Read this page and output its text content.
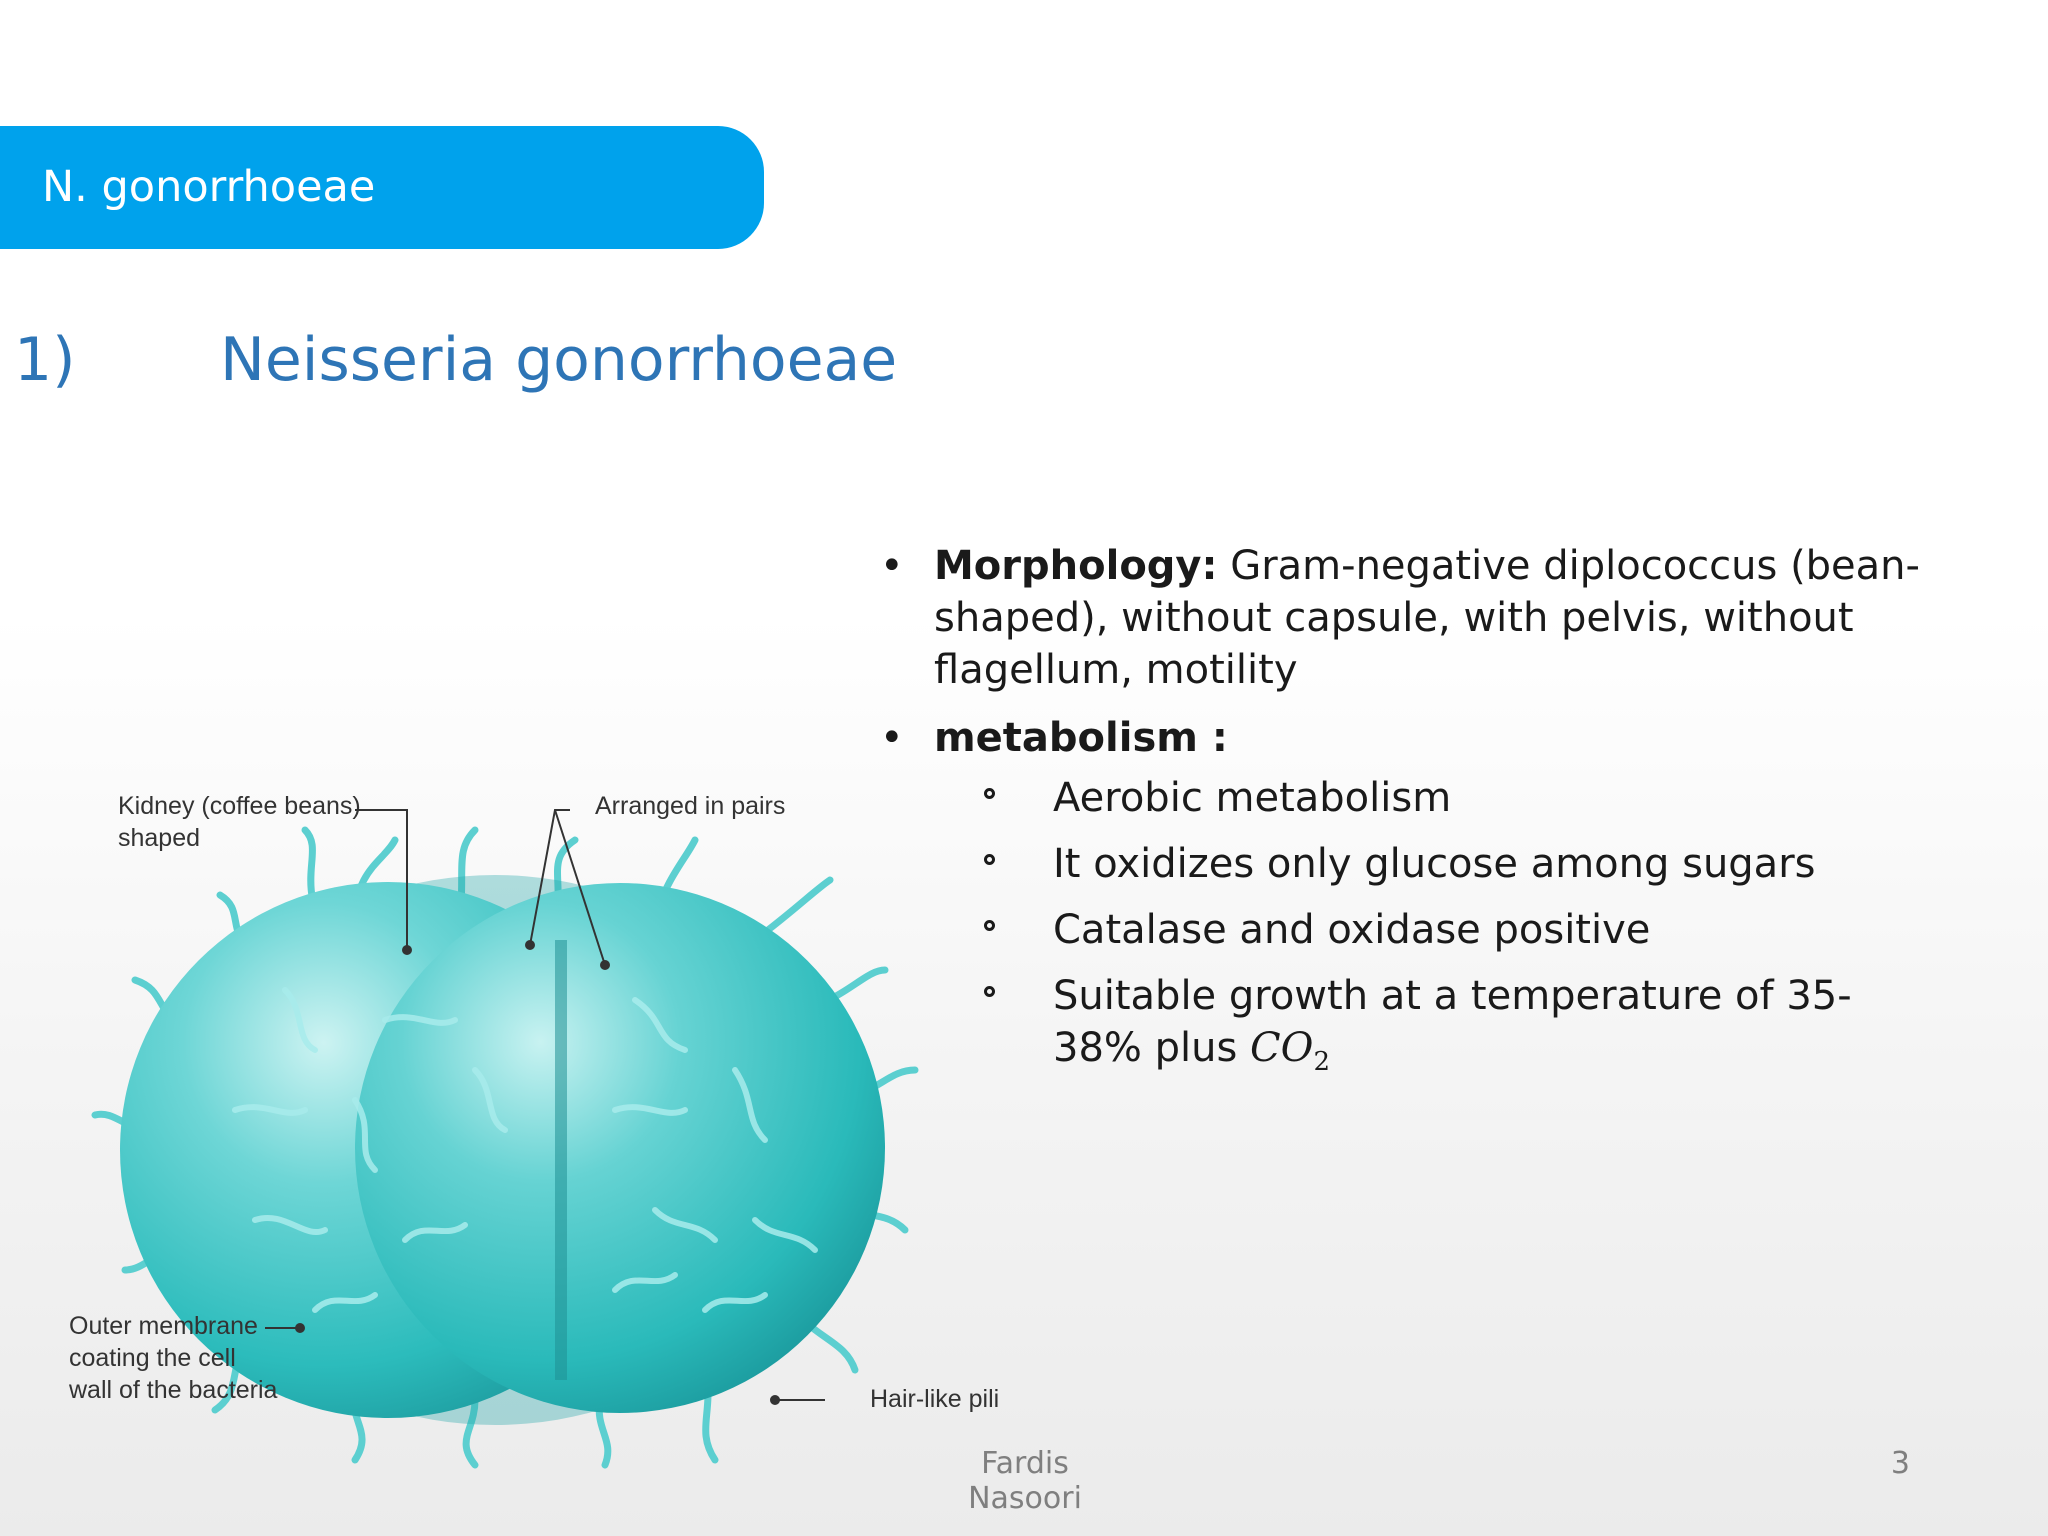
N. gonorrhoeae
1) Neisseria gonorrhoeae
Kidney (coffee beans)
shaped
Arranged in pairs
Outer membrane
coating the cell
wall of the bacteria	Hair-like pili
• Morphology: Gram-negative diplococcus (bean-shaped), without capsule, with pelvis, without flagellum, motility
• metabolism :
Aerobic metabolism
It oxidizes only glucose among sugars
Catalase and oxidase positive
Suitable growth at a temperature of 35-38% plus $CO_2$
Fardis Nasoori
3
